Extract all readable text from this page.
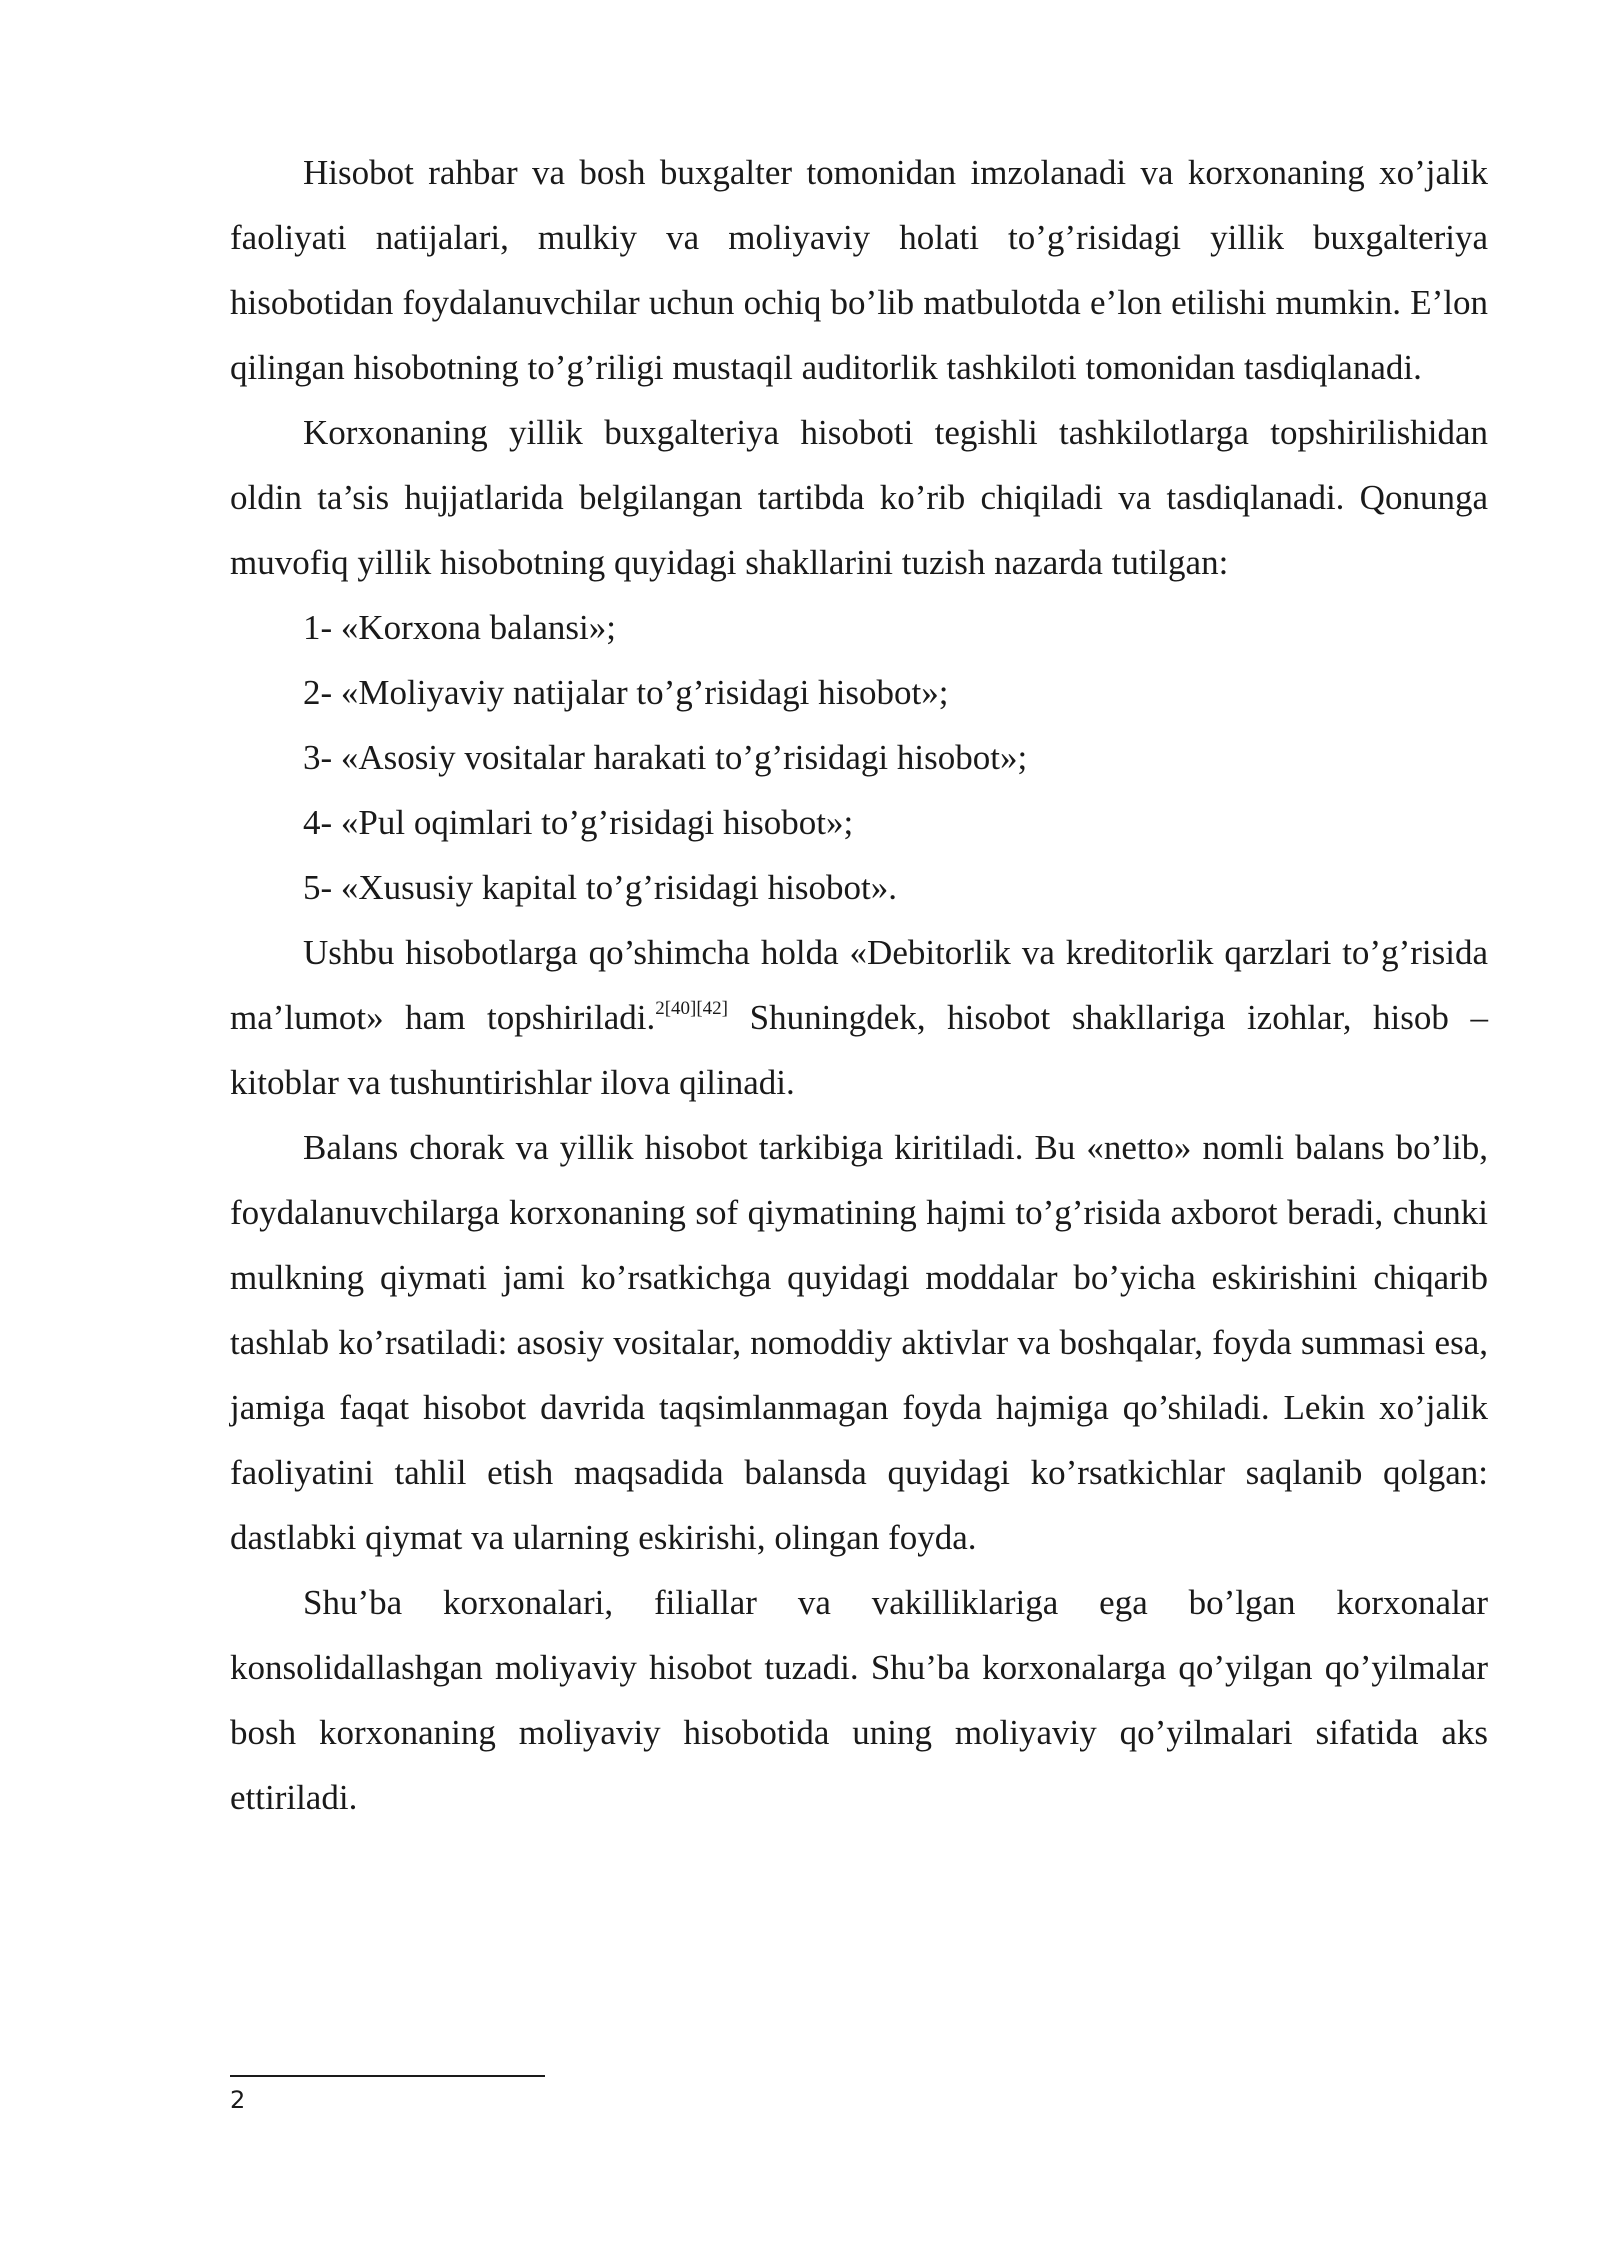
Hisobot rahbar va bosh buxgalter tomonidan imzolanadi va korxonaning xo’jalik faoliyati natijalari, mulkiy va moliyaviy holati to’g’risidagi yillik buxgalteriya hisobotidan foydalanuvchilar uchun ochiq bo’lib matbulotda e’lon etilishi mumkin. E’lon qilingan hisobotning to’g’riligi mustaqil auditorlik tashkiloti tomonidan tasdiqlanadi.

Korxonaning yillik buxgalteriya hisoboti tegishli tashkilotlarga topshirilishidan oldin ta’sis hujjatlarida belgilangan tartibda ko’rib chiqiladi va tasdiqlanadi. Qonunga muvofiq yillik hisobotning quyidagi shakllarini tuzish nazarda tutilgan:

1- «Korxona balansi»;

2- «Moliyaviy natijalar to’g’risidagi hisobot»;

3- «Asosiy vositalar harakati to’g’risidagi hisobot»;

4- «Pul oqimlari to’g’risidagi hisobot»;

5- «Xususiy kapital to’g’risidagi hisobot».

Ushbu hisobotlarga qo’shimcha holda «Debitorlik va kreditorlik qarzlari to’g’risida ma’lumot» ham topshiriladi.$^{2[40][42]}$ Shuningdek, hisobot shakllariga izohlar, hisob – kitoblar va tushuntirishlar ilova qilinadi.

Balans chorak va yillik hisobot tarkibiga kiritiladi. Bu «netto» nomli balans bo’lib, foydalanuvchilarga korxonaning sof qiymatining hajmi to’g’risida axborot beradi, chunki mulkning qiymati jami ko’rsatkichga quyidagi moddalar bo’yicha eskirishini chiqarib tashlab ko’rsatiladi: asosiy vositalar, nomoddiy aktivlar va boshqalar, foyda summasi esa, jamiga faqat hisobot davrida taqsimlanmagan foyda hajmiga qo’shiladi. Lekin xo’jalik faoliyatini tahlil etish maqsadida balansda quyidagi ko’rsatkichlar saqlanib qolgan: dastlabki qiymat va ularning eskirishi, olingan foyda.

Shu’ba korxonalari, filiallar va vakilliklariga ega bo’lgan korxonalar konsolidallashgan moliyaviy hisobot tuzadi. Shu’ba korxonalarga qo’yilgan qo’yilmalar bosh korxonaning moliyaviy hisobotida uning moliyaviy qo’yilmalari sifatida aks ettiriladi.

2
